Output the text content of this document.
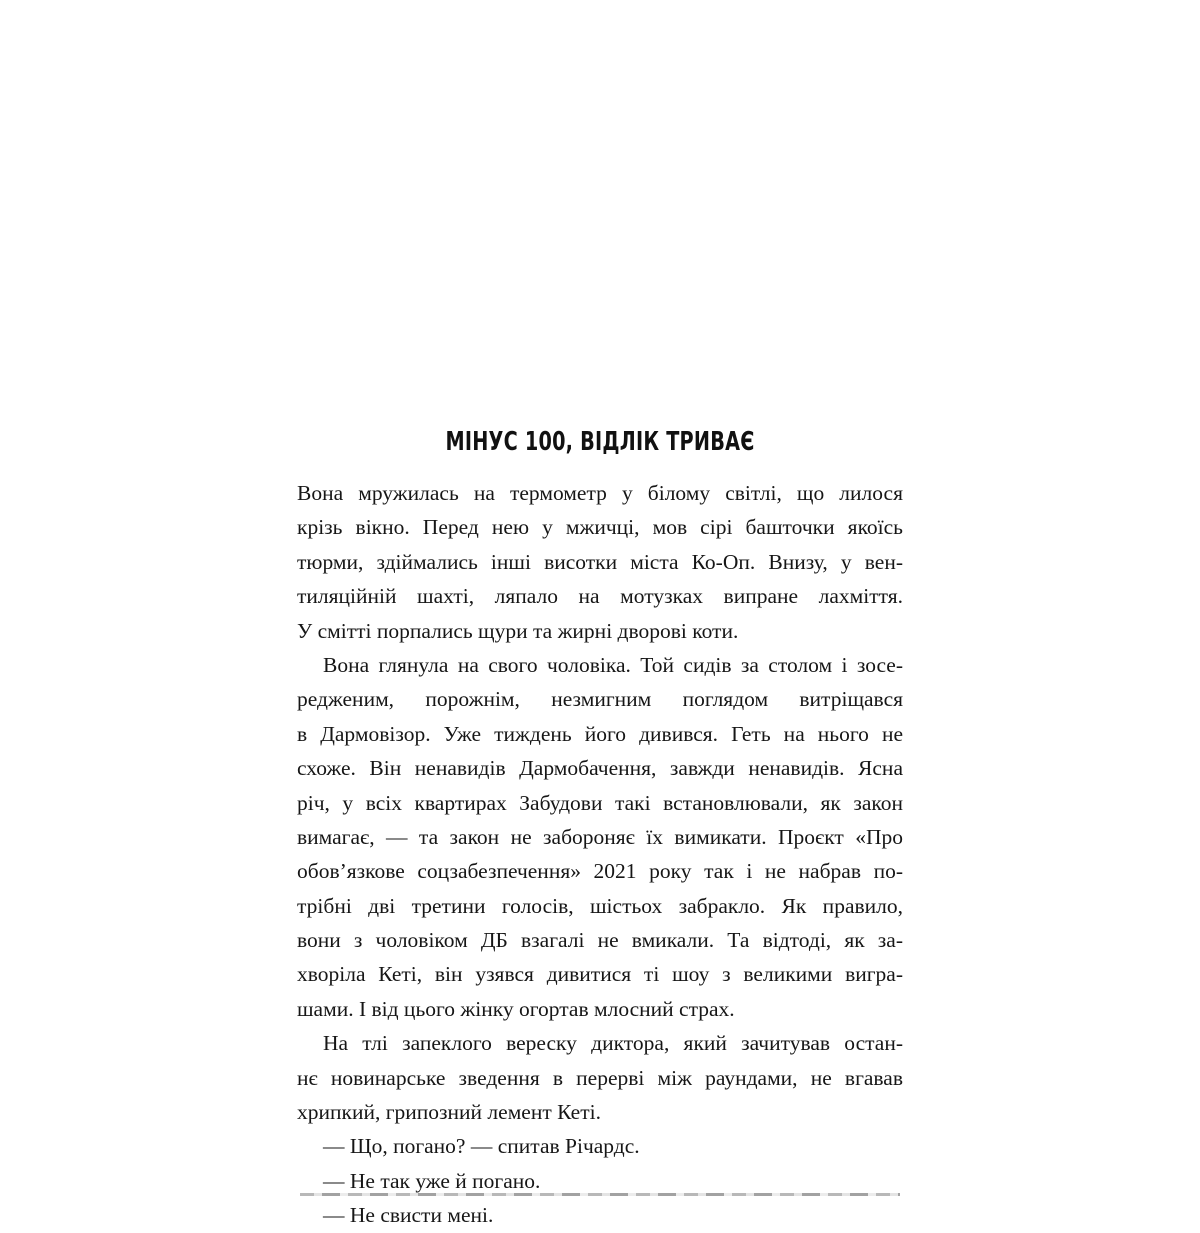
МІНУС 100, ВІДЛІК ТРИВАЄ
Вона мружилась на термометр у білому світлі, що лилося
крізь вікно. Перед нею у мжичці, мов сірі башточки якоїсь
тюрми, здіймались інші висотки міста Ко-Оп. Внизу, у вен-
тиляційній шахті, ляпало на мотузках випране лахміття.
У смітті порпались щури та жирні дворові коти.
Вона глянула на свого чоловіка. Той сидів за столом і зосе-
редженим, порожнім, незмигним поглядом витріщався
в Дармовізор. Уже тиждень його дивився. Геть на нього не
схоже. Він ненавидів Дармобачення, завжди ненавидів. Ясна
річ, у всіх квартирах Забудови такі встановлювали, як закон
вимагає, — та закон не забороняє їх вимикати. Проєкт «Про
обов’язкове соцзабезпечення» 2021 року так і не набрав по-
трібні дві третини голосів, шістьох забракло. Як правило,
вони з чоловіком ДБ взагалі не вмикали. Та відтоді, як за-
хворіла Кеті, він узявся дивитися ті шоу з великими вигра-
шами. І від цього жінку огортав млосний страх.
На тлі запеклого вереску диктора, який зачитував остан-
нє новинарське зведення в перерві між раундами, не вгавав
хрипкий, грипозний лемент Кеті.
— Що, погано? — спитав Річардс.
— Не так уже й погано.
— Не свисти мені.
